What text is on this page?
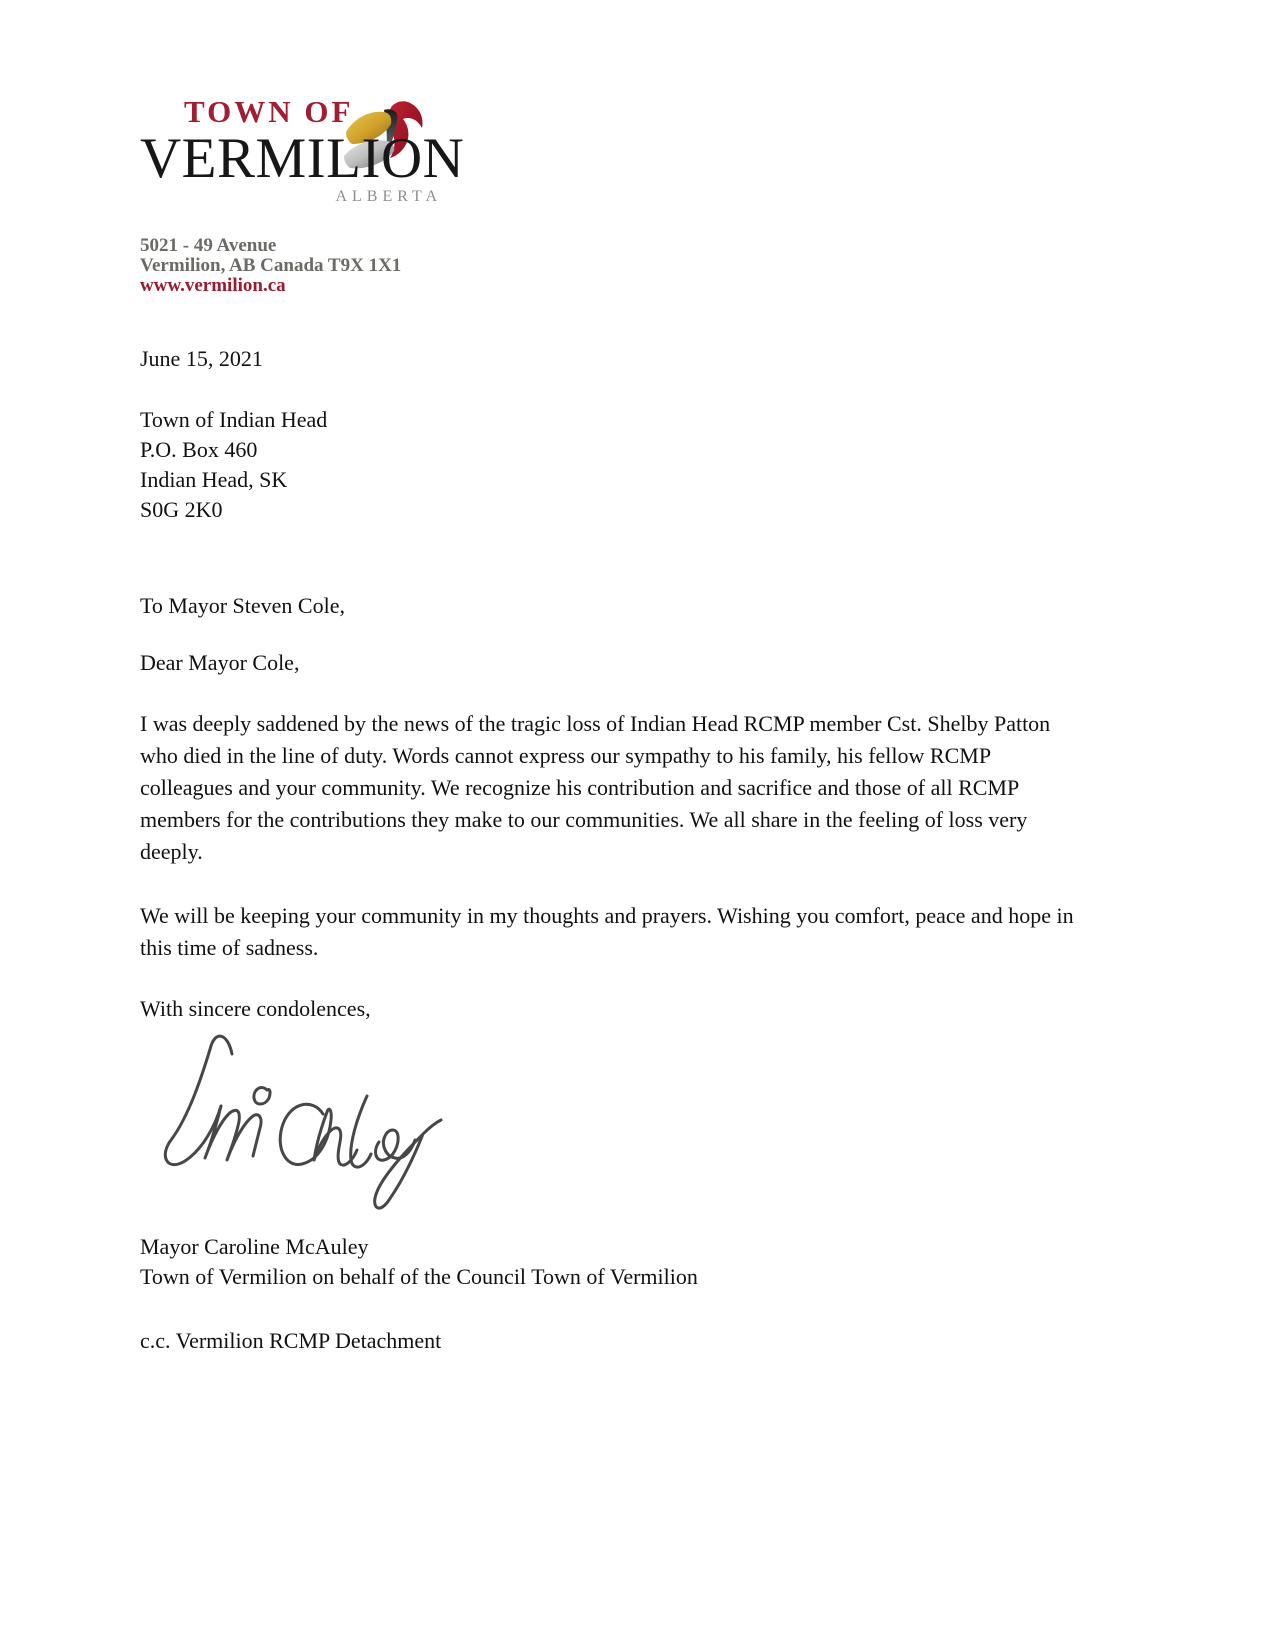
TOWN OF
VERMILION
ALBERTA
5021 - 49 Avenue
Vermilion, AB Canada T9X 1X1
www.vermilion.ca
June 15, 2021
Town of Indian Head
P.O. Box 460
Indian Head, SK
S0G 2K0
To Mayor Steven Cole,
Dear Mayor Cole,
I was deeply saddened by the news of the tragic loss of Indian Head RCMP member Cst. Shelby Patton who died in the line of duty. Words cannot express our sympathy to his family, his fellow RCMP colleagues and your community. We recognize his contribution and sacrifice and those of all RCMP members for the contributions they make to our communities. We all share in the feeling of loss very deeply.
We will be keeping your community in my thoughts and prayers. Wishing you comfort, peace and hope in this time of sadness.
With sincere condolences,
Mayor Caroline McAuley
Town of Vermilion on behalf of the Council Town of Vermilion
c.c. Vermilion RCMP Detachment
